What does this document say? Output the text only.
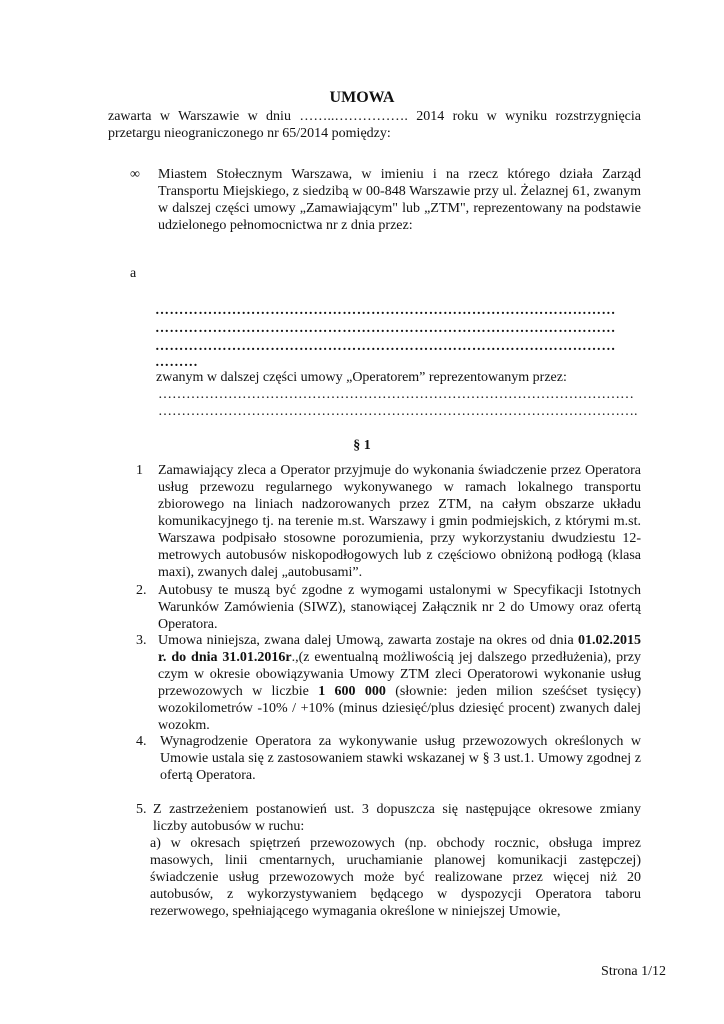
UMOWA
zawarta w Warszawie w dniu ……..……………. 2014 roku w wyniku rozstrzygnięcia przetargu nieograniczonego nr 65/2014 pomiędzy:
∞ Miastem Stołecznym Warszawa, w imieniu i na rzecz którego działa Zarząd Transportu Miejskiego, z siedzibą w 00-848 Warszawie przy ul. Żelaznej 61, zwanym w dalszej części umowy „Zamawiającym" lub „ZTM", reprezentowany na podstawie udzielonego pełnomocnictwa nr z dnia przez:
a
……………………………………………………………………………………
……………………………………………………………………………………
……………………………………………………………………………………
………
zwanym w dalszej części umowy „Operatorem” reprezentowanym przez:
…………………………………………………………………………………………
………………………………………………………………………………………….
§ 1
1 Zamawiający zleca a Operator przyjmuje do wykonania świadczenie przez Operatora usług przewozu regularnego wykonywanego w ramach lokalnego transportu zbiorowego na liniach nadzorowanych przez ZTM, na całym obszarze układu komunikacyjnego tj. na terenie m.st. Warszawy i gmin podmiejskich, z którymi m.st. Warszawa podpisało stosowne porozumienia, przy wykorzystaniu dwudziestu 12-metrowych autobusów niskopodłogowych lub z częściowo obniżoną podłogą (klasa maxi), zwanych dalej „autobusami”.
2. Autobusy te muszą być zgodne z wymogami ustalonymi w Specyfikacji Istotnych Warunków Zamówienia (SIWZ), stanowiącej Załącznik nr 2 do Umowy oraz ofertą Operatora.
3. Umowa niniejsza, zwana dalej Umową, zawarta zostaje na okres od dnia 01.02.2015 r. do dnia 31.01.2016r.,(z ewentualną możliwością jej dalszego przedłużenia), przy czym w okresie obowiązywania Umowy ZTM zleci Operatorowi wykonanie usług przewozowych w liczbie 1 600 000 (słownie: jeden milion sześćset tysięcy) wozokilometrów -10% / +10% (minus dziesięć/plus dziesięć procent) zwanych dalej wozokm.
4. Wynagrodzenie Operatora za wykonywanie usług przewozowych określonych w Umowie ustala się z zastosowaniem stawki wskazanej w § 3 ust.1. Umowy zgodnej z ofertą Operatora.
5. Z zastrzeżeniem postanowień ust. 3 dopuszcza się następujące okresowe zmiany liczby autobusów w ruchu:
a) w okresach spiętrzeń przewozowych (np. obchody rocznic, obsługa imprez masowych, linii cmentarnych, uruchamianie planowej komunikacji zastępczej) świadczenie usług przewozowych może być realizowane przez więcej niż 20 autobusów, z wykorzystywaniem będącego w dyspozycji Operatora taboru rezerwowego, spełniającego wymagania określone w niniejszej Umowie,
Strona 1/12
